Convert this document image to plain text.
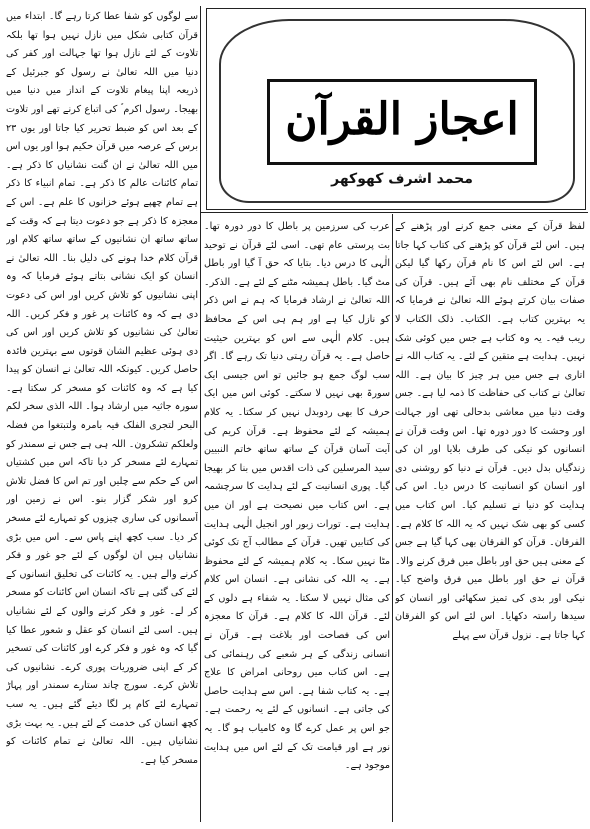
اعجاز القرآن
محمد اشرف کھوکھر

سے لوگوں کو شفا عطا کرتا رہے گا۔ ابتداء میں قرآن کتابی شکل میں نازل نہیں ہوا تھا بلکہ تلاوت کے لئے نازل ہوا تھا جہالت اور کفر کی دنیا میں اللہ تعالیٰ نے رسول کو جبرئیل کے ذریعہ اپنا پیغام تلاوت کے انداز میں دنیا میں بھیجا۔ رسول اکرم ؐ کی اتباع کرنے تھے اور تلاوت کے بعد اس کو ضبط تحریر کیا جاتا اور یوں ۲۳ برس کے عرصہ میں قرآن حکیم ہوا اور یوں اس میں اللہ تعالیٰ نے ان گنت نشانیاں کا ذکر ہے۔ تمام کائنات عالم کا ذکر ہے۔ تمام انبیاء کا ذکر ہے تمام چھپے ہوئے خزانوں کا علم ہے۔ اس کے معجزہ کا ذکر ہے جو دعوت دیتا ہے کہ وقت کے ساتھ ساتھ ان نشانیوں کے ساتھ ساتھ کلام اور قرآن کلام خدا ہونے کی دلیل بنا۔ اللہ تعالیٰ نے انسان کو ایک نشانی بتاتے ہوئے فرمایا کہ وہ اپنی نشانیوں کو تلاش کریں اور اس کی دعوت دی ہے کہ وہ کائنات پر غور و فکر کریں۔ اللہ تعالیٰ کی نشانیوں کو تلاش کریں اور اس کی دی ہوئی عظیم الشان قوتوں سے بہترین فائدہ حاصل کریں۔ کیونکہ اللہ تعالیٰ نے انسان کو پیدا کیا ہے کہ وہ کائنات کو مسخر کر سکتا ہے۔ سورہ جاثیہ میں ارشاد ہوا۔ اللہ الذی سخر لکم البحر لتجری الفلک فیہ بامرہ ولتبتغوا من فضلہ ولعلکم تشکرون۔ اللہ ہی ہے جس نے سمندر کو تمہارے لئے مسخر کر دیا تاکہ اس میں کشتیاں اس کے حکم سے چلیں اور تم اس کا فضل تلاش کرو اور شکر گزار بنو۔ اس نے زمین اور آسمانوں کی ساری چیزوں کو تمہارے لئے مسخر کر دیا۔ سب کچھ اپنے پاس سے۔ اس میں بڑی نشانیاں ہیں ان لوگوں کے لئے جو غور و فکر کرنے والے ہیں۔ یہ کائنات کی تخلیق انسانوں کے لئے کی گئی ہے تاکہ انسان اس کائنات کو مسخر کر لے۔ غور و فکر کرنے والوں کے لئے نشانیاں ہیں۔ اسی لئے انسان کو عقل و شعور عطا کیا گیا کہ وہ غور و فکر کرے اور کائنات کی تسخیر کر کے اپنی ضروریات پوری کرے۔ نشانیوں کی تلاش کرے۔ سورج چاند ستارے سمندر اور پہاڑ تمہارے لئے کام پر لگا دیئے گئے ہیں۔ یہ سب کچھ انسان کی خدمت کے لئے ہیں۔ یہ بہت بڑی نشانیاں ہیں۔ اللہ تعالیٰ نے تمام کائنات کو مسخر کیا ہے۔

عرب کی سرزمین پر باطل کا دور دورہ تھا۔ بت پرستی عام تھی۔ اسی لئے قرآن نے توحید الٰہی کا درس دیا۔ بتایا کہ حق آ گیا اور باطل مٹ گیا۔ باطل ہمیشہ مٹنے کے لئے ہے۔ الذکر۔ اللہ تعالیٰ نے ارشاد فرمایا کہ ہم نے اس ذکر کو نازل کیا ہے اور ہم ہی اس کے محافظ ہیں۔ کلام الٰہی سے اس کو بہترین حیثیت حاصل ہے۔ یہ قرآن رہتی دنیا تک رہے گا۔ اگر سب لوگ جمع ہو جائیں تو اس جیسی ایک سورۃ بھی نہیں لا سکتے۔ کوئی اس میں ایک حرف کا بھی ردوبدل نہیں کر سکتا۔ یہ کلام ہمیشہ کے لئے محفوظ ہے۔ قرآن کریم کی آیت آسان قرآن کے ساتھ ساتھ خاتم النبیین سید المرسلین کی ذات اقدس میں بنا کر بھیجا گیا۔ پوری انسانیت کے لئے ہدایت کا سرچشمہ ہے۔ اس کتاب میں نصیحت ہے اور ان میں ہدایت ہے۔ تورات زبور اور انجیل الٰہی ہدایت کی کتابیں تھیں۔ قرآن کے مطالب آج تک کوئی مٹا نہیں سکا۔ یہ کلام ہمیشہ کے لئے محفوظ ہے۔ یہ اللہ کی نشانی ہے۔ انسان اس کلام کی مثال نہیں لا سکتا۔ یہ شفاء ہے دلوں کے لئے۔ قرآن اللہ کا کلام ہے۔ قرآن کا معجزہ اس کی فصاحت اور بلاغت ہے۔ قرآن نے انسانی زندگی کے ہر شعبے کی رہنمائی کی ہے۔ اس کتاب میں روحانی امراض کا علاج ہے۔ یہ کتاب شفا ہے۔ اس سے ہدایت حاصل کی جاتی ہے۔ انسانوں کے لئے یہ رحمت ہے۔ جو اس پر عمل کرے گا وہ کامیاب ہو گا۔ یہ نور ہے اور قیامت تک کے لئے اس میں ہدایت موجود ہے۔

لفظ قرآن کے معنی جمع کرنے اور پڑھنے کے ہیں۔ اس لئے قرآن کو پڑھنے کی کتاب کہا جاتا ہے۔ اس لئے اس کا نام قرآن رکھا گیا لیکن قرآن کے مختلف نام بھی آئے ہیں۔ قرآن کی صفات بیان کرتے ہوئے اللہ تعالیٰ نے فرمایا کہ یہ بہترین کتاب ہے۔ الکتاب۔ ذلک الکتاب لا ریب فیہ۔ یہ وہ کتاب ہے جس میں کوئی شک نہیں۔ ہدایت ہے متقین کے لئے۔ یہ کتاب اللہ نے اتاری ہے جس میں ہر چیز کا بیان ہے۔ اللہ تعالیٰ نے کتاب کی حفاظت کا ذمہ لیا ہے۔ جس وقت دنیا میں معاشی بدحالی تھی اور جہالت اور وحشت کا دور دورہ تھا۔ اس وقت قرآن نے انسانوں کو نیکی کی طرف بلایا اور ان کی زندگیاں بدل دیں۔ قرآن نے دنیا کو روشنی دی اور انسان کو انسانیت کا درس دیا۔ اس کی ہدایت کو دنیا نے تسلیم کیا۔ اس کتاب میں کسی کو بھی شک نہیں کہ یہ اللہ کا کلام ہے۔ الفرقان۔ قرآن کو الفرقان بھی کہا گیا ہے جس کے معنی ہیں حق اور باطل میں فرق کرنے والا۔ قرآن نے حق اور باطل میں فرق واضح کیا۔ نیکی اور بدی کی تمیز سکھائی اور انسان کو سیدھا راستہ دکھایا۔ اس لئے اس کو الفرقان کہا جاتا ہے۔ نزول قرآن سے پہلے
